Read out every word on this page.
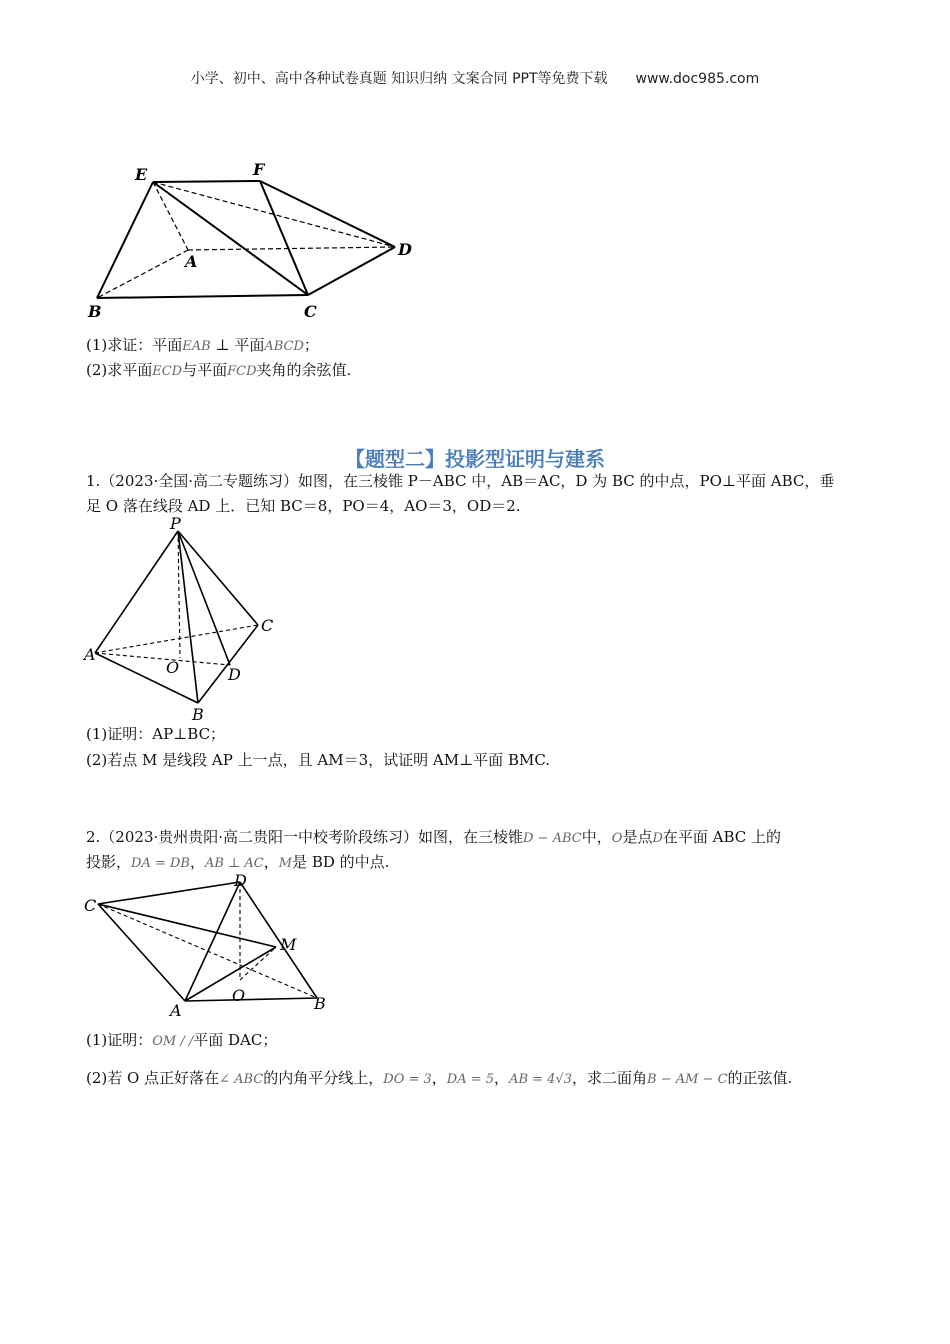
小学、初中、高中各种试卷真题 知识归纳 文案合同 PPT等免费下载 www.doc985.com
E	F
A
D
B	C
(1)求证：平面EAB ⊥ 平面ABCD；
(2)求平面ECD与平面FCD夹角的余弦值.
【题型二】投影型证明与建系
1.（2023·全国·高二专题练习）如图，在三棱锥 P－ABC 中，AB＝AC，D 为 BC 的中点，PO⊥平面 ABC，垂
足 O 落在线段 AD 上．已知 BC＝8，PO＝4，AO＝3，OD＝2.
P
A
C
O	D
B
(1)证明：AP⊥BC；
(2)若点 M 是线段 AP 上一点，且 AM＝3，试证明 AM⊥平面 BMC.
2.（2023·贵州贵阳·高二贵阳一中校考阶段练习）如图，在三棱锥D − ABC中，O是点D在平面 ABC 上的
投影，DA = DB，AB ⊥ AC，M是 BD 的中点.
C
D
M
A
O	B
(1)证明：OM / /平面 DAC；
(2)若 O 点正好落在∠ ABC的内角平分线上，DO = 3，DA = 5，AB = 4√3，求二面角B − AM − C的正弦值.
